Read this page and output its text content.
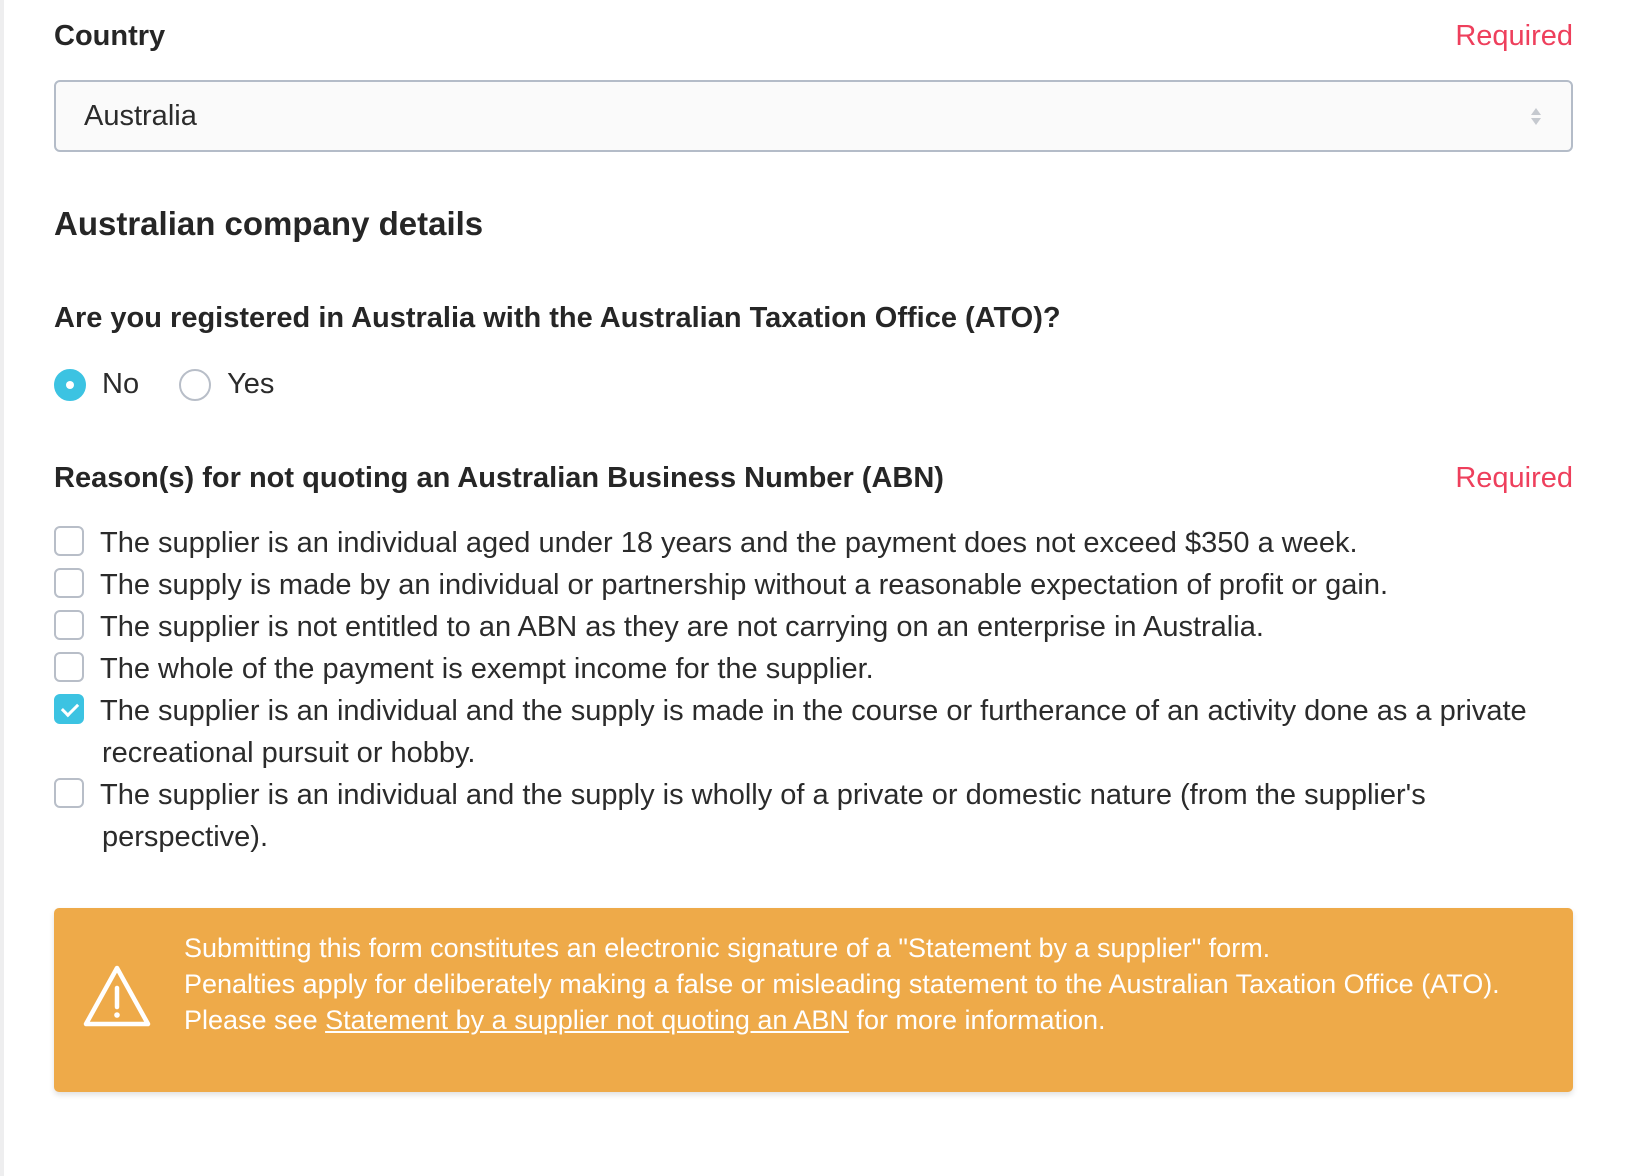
Country	Required
Australia
Australian company details
Are you registered in Australia with the Australian Taxation Office (ATO)?
No	Yes
Reason(s) for not quoting an Australian Business Number (ABN)	Required
The supplier is an individual aged under 18 years and the payment does not exceed $350 a week.
The supply is made by an individual or partnership without a reasonable expectation of profit or gain.
The supplier is not entitled to an ABN as they are not carrying on an enterprise in Australia.
The whole of the payment is exempt income for the supplier.
The supplier is an individual and the supply is made in the course or furtherance of an activity done as a private recreational pursuit or hobby.
The supplier is an individual and the supply is wholly of a private or domestic nature (from the supplier's perspective).
Submitting this form constitutes an electronic signature of a "Statement by a supplier" form.
Penalties apply for deliberately making a false or misleading statement to the Australian Taxation Office (ATO).
Please see Statement by a supplier not quoting an ABN for more information.
